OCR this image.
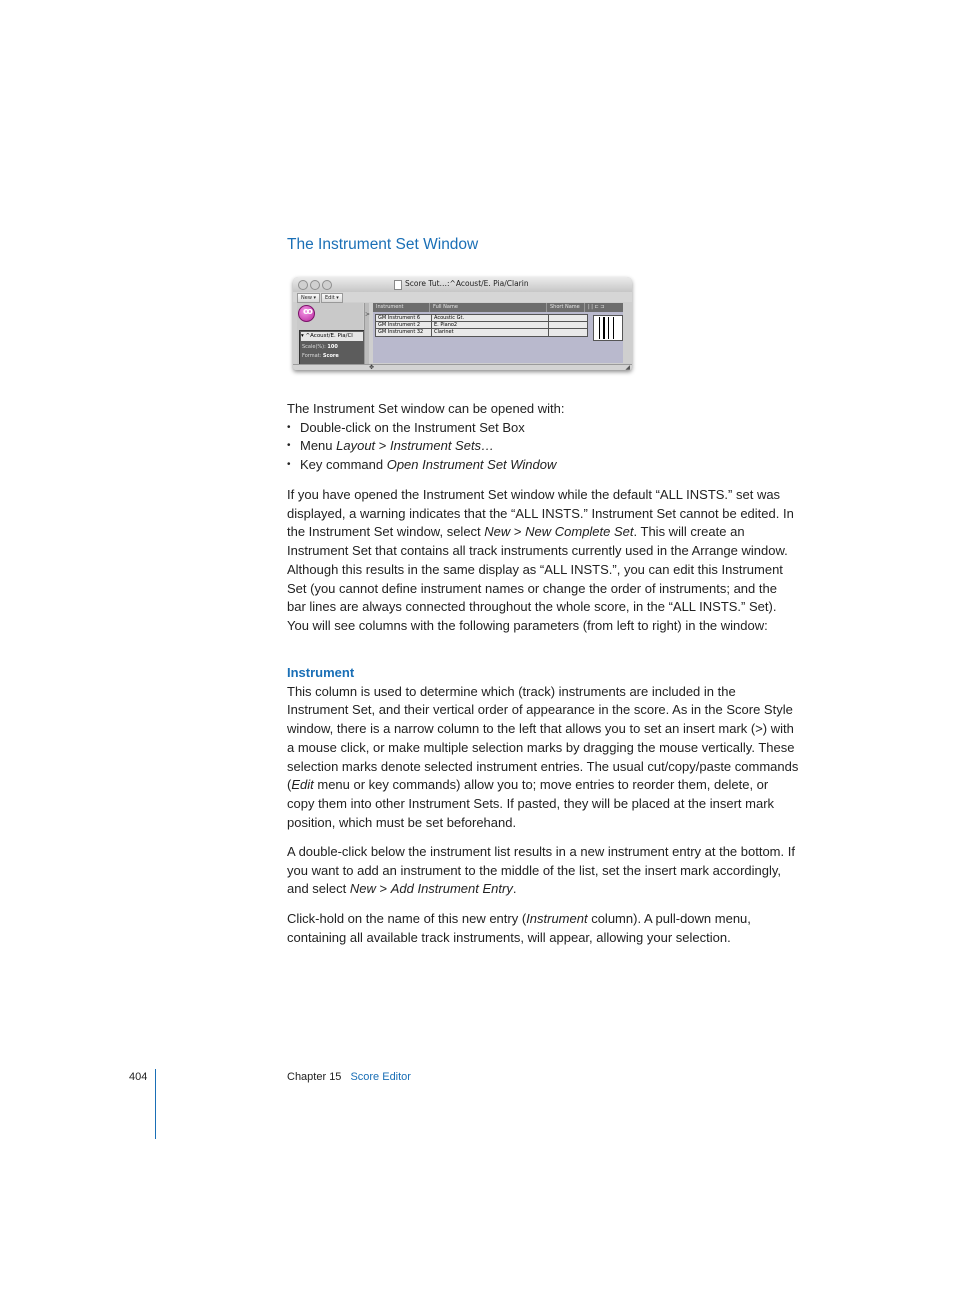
The Instrument Set Window
Score Tut…:^Acoust/E. Pia/Clarin
New ▾	Edit ▾
ꝏ
▾ ^Acoust/E. Pia/Cl
Scale(%): 100
Format: Score
>
Instrument	Full Name	Short Name	| | ⊏ ⊐
GM Instrument 6	Acoustic Gt.
GM Instrument 2	E. Piano2
GM Instrument 32	Clarinet
✥	◢

The Instrument Set window can be opened with:

• Double-click on the Instrument Set Box
• Menu Layout > Instrument Sets…
• Key command Open Instrument Set Window

If you have opened the Instrument Set window while the default “ALL INSTS.” set was displayed, a warning indicates that the “ALL INSTS.” Instrument Set cannot be edited. In the Instrument Set window, select New > New Complete Set. This will create an Instrument Set that contains all track instruments currently used in the Arrange window. Although this results in the same display as “ALL INSTS.”, you can edit this Instrument Set (you cannot define instrument names or change the order of instruments; and the bar lines are always connected throughout the whole score, in the “ALL INSTS.” Set). You will see columns with the following parameters (from left to right) in the window:

Instrument

This column is used to determine which (track) instruments are included in the Instrument Set, and their vertical order of appearance in the score. As in the Score Style window, there is a narrow column to the left that allows you to set an insert mark (>) with a mouse click, or make multiple selection marks by dragging the mouse vertically. These selection marks denote selected instrument entries. The usual cut/copy/paste commands (Edit menu or key commands) allow you to; move entries to reorder them, delete, or copy them into other Instrument Sets. If pasted, they will be placed at the insert mark position, which must be set beforehand.

A double-click below the instrument list results in a new instrument entry at the bottom. If you want to add an instrument to the middle of the list, set the insert mark accordingly, and select New > Add Instrument Entry.

Click-hold on the name of this new entry (Instrument column). A pull-down menu, containing all available track instruments, will appear, allowing your selection.

404	Chapter 15 Score Editor
